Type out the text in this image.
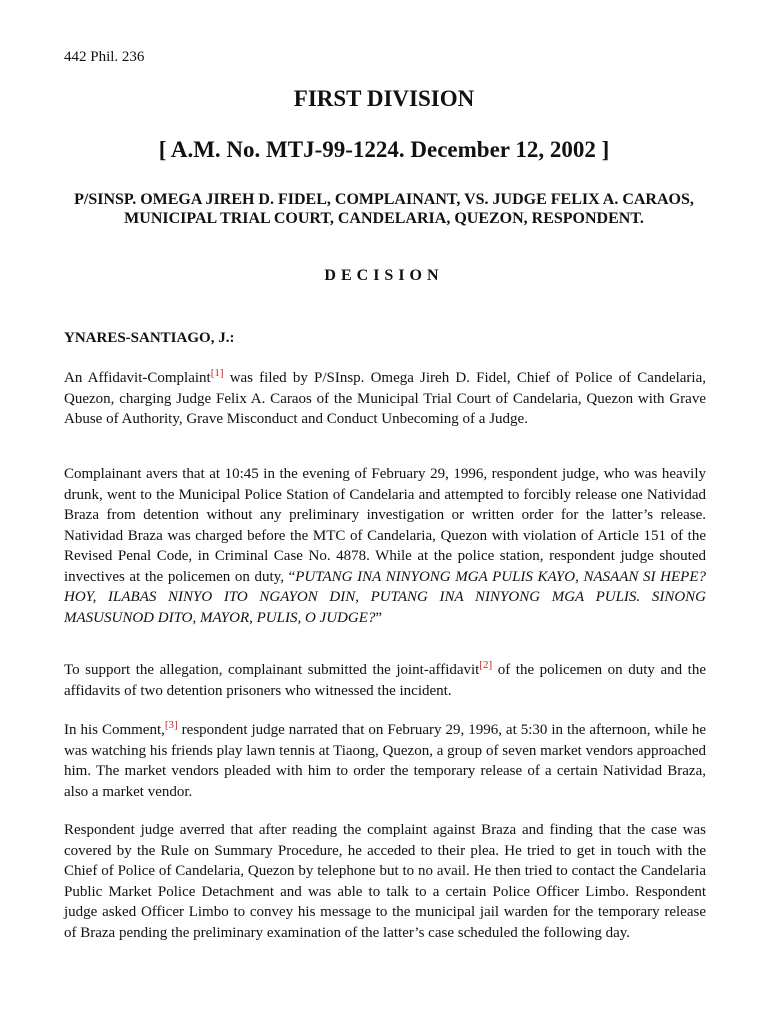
442 Phil. 236
FIRST DIVISION
[ A.M. No. MTJ-99-1224. December 12, 2002 ]
P/SINSP. OMEGA JIREH D. FIDEL, COMPLAINANT, VS. JUDGE FELIX A. CARAOS, MUNICIPAL TRIAL COURT, CANDELARIA, QUEZON, RESPONDENT.
DECISION
YNARES-SANTIAGO, J.:

An Affidavit-Complaint[1] was filed by P/SInsp. Omega Jireh D. Fidel, Chief of Police of Candelaria, Quezon, charging Judge Felix A. Caraos of the Municipal Trial Court of Candelaria, Quezon with Grave Abuse of Authority, Grave Misconduct and Conduct Unbecoming of a Judge.

Complainant avers that at 10:45 in the evening of February 29, 1996, respondent judge, who was heavily drunk, went to the Municipal Police Station of Candelaria and attempted to forcibly release one Natividad Braza from detention without any preliminary investigation or written order for the latter’s release. Natividad Braza was charged before the MTC of Candelaria, Quezon with violation of Article 151 of the Revised Penal Code, in Criminal Case No. 4878. While at the police station, respondent judge shouted invectives at the policemen on duty, “PUTANG INA NINYONG MGA PULIS KAYO, NASAAN SI HEPE? HOY, ILABAS NINYO ITO NGAYON DIN, PUTANG INA NINYONG MGA PULIS. SINONG MASUSUNOD DITO, MAYOR, PULIS, O JUDGE?”

To support the allegation, complainant submitted the joint-affidavit[2] of the policemen on duty and the affidavits of two detention prisoners who witnessed the incident.

In his Comment,[3] respondent judge narrated that on February 29, 1996, at 5:30 in the afternoon, while he was watching his friends play lawn tennis at Tiaong, Quezon, a group of seven market vendors approached him. The market vendors pleaded with him to order the temporary release of a certain Natividad Braza, also a market vendor.

Respondent judge averred that after reading the complaint against Braza and finding that the case was covered by the Rule on Summary Procedure, he acceded to their plea. He tried to get in touch with the Chief of Police of Candelaria, Quezon by telephone but to no avail. He then tried to contact the Candelaria Public Market Police Detachment and was able to talk to a certain Police Officer Limbo. Respondent judge asked Officer Limbo to convey his message to the municipal jail warden for the temporary release of Braza pending the preliminary examination of the latter’s case scheduled the following day.
